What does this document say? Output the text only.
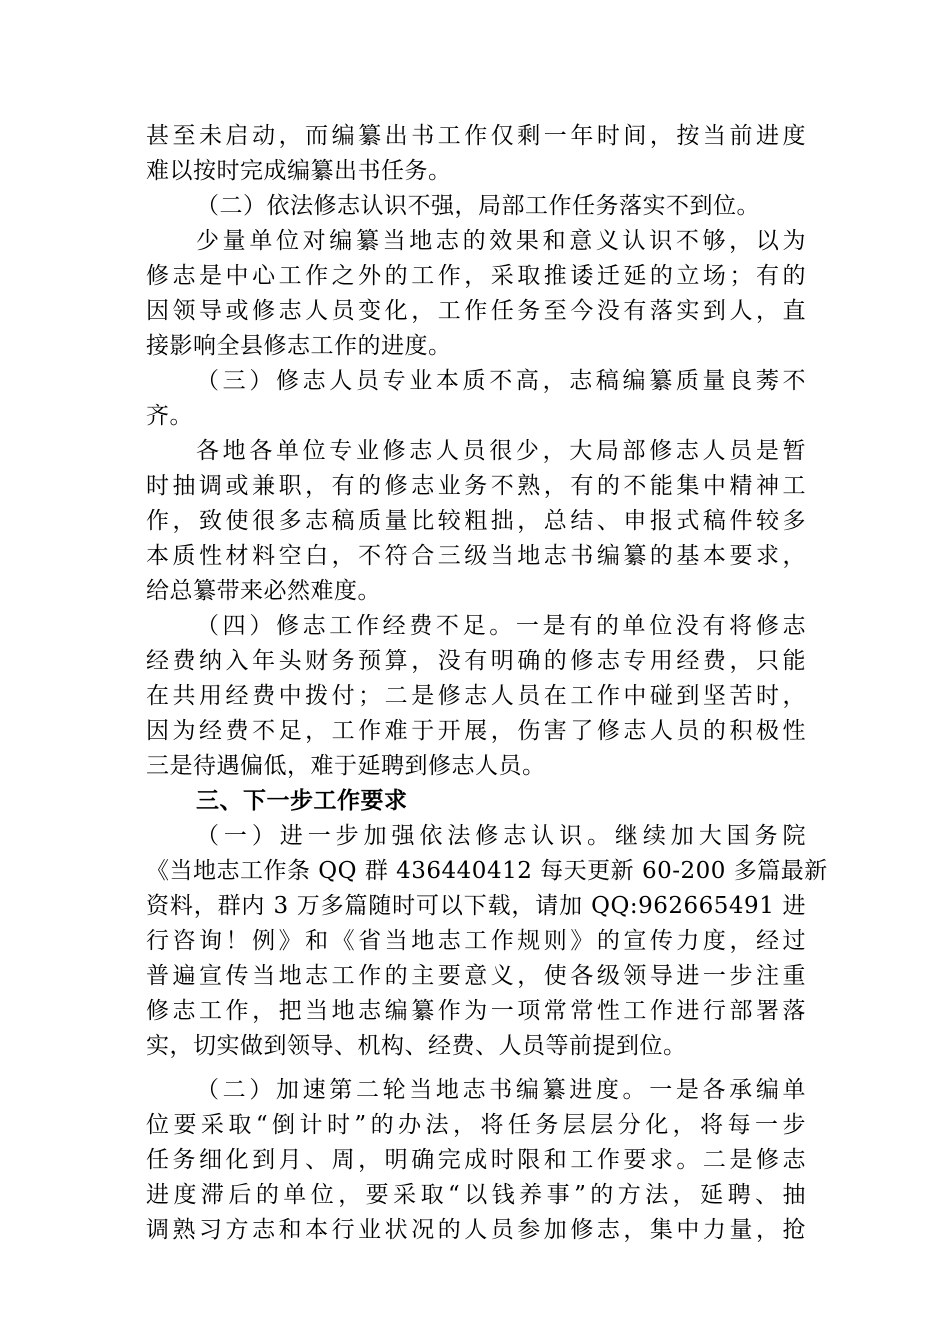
甚至未启动，而编纂出书工作仅剩一年时间，按当前进度

难以按时完成编纂出书任务。

（二）依法修志认识不强，局部工作任务落实不到位。

少量单位对编纂当地志的效果和意义认识不够，以为

修志是中心工作之外的工作，采取推诿迁延的立场；有的

因领导或修志人员变化，工作任务至今没有落实到人，直

接影响全县修志工作的进度。

（三）修志人员专业本质不高，志稿编纂质量良莠不

齐。

各地各单位专业修志人员很少，大局部修志人员是暂

时抽调或兼职，有的修志业务不熟，有的不能集中精神工

作，致使很多志稿质量比较粗拙，总结、申报式稿件较多

本质性材料空白，不符合三级当地志书编纂的基本要求，

给总纂带来必然难度。

（四）修志工作经费不足。一是有的单位没有将修志

经费纳入年头财务预算，没有明确的修志专用经费，只能

在共用经费中拨付；二是修志人员在工作中碰到坚苦时，

因为经费不足，工作难于开展，伤害了修志人员的积极性

三是待遇偏低，难于延聘到修志人员。

三、下一步工作要求

（一）进一步加强依法修志认识。继续加大国务院

《当地志工作条 QQ 群 436440412 每天更新 60-200 多篇最新

资料，群内 3 万多篇随时可以下载，请加 QQ:962665491 进

行咨询！例》和《省当地志工作规则》的宣传力度，经过

普遍宣传当地志工作的主要意义，使各级领导进一步注重

修志工作，把当地志编纂作为一项常常性工作进行部署落

实，切实做到领导、机构、经费、人员等前提到位。

（二）加速第二轮当地志书编纂进度。一是各承编单

位要采取“倒计时”的办法，将任务层层分化，将每一步

任务细化到月、周，明确完成时限和工作要求。二是修志

进度滞后的单位，要采取“以钱养事”的方法，延聘、抽

调熟习方志和本行业状况的人员参加修志，集中力量，抢
